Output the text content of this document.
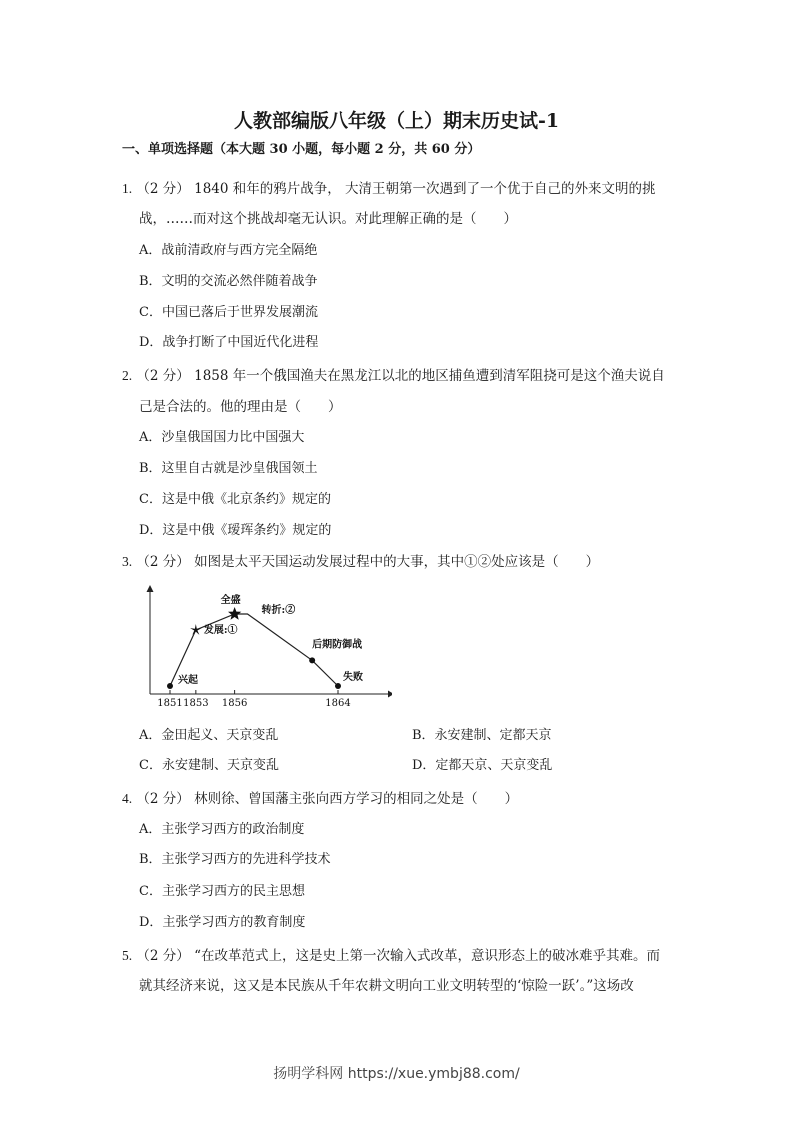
人教部编版八年级（上）期末历史试-1
一、单项选择题（本大题 30 小题，每小题 2 分，共 60 分）
1. （2 分） 1840 和年的鸦片战争， 大清王朝第一次遇到了一个优于自己的外来文明的挑
战，……而对这个挑战却毫无认识。对此理解正确的是（　　）
A．战前清政府与西方完全隔绝
B．文明的交流必然伴随着战争
C．中国已落后于世界发展潮流
D．战争打断了中国近代化进程
2. （2 分） 1858 年一个俄国渔夫在黑龙江以北的地区捕鱼遭到清军阻挠可是这个渔夫说自
己是合法的。他的理由是（　　）
A．沙皇俄国国力比中国强大
B．这里自古就是沙皇俄国领土
C．这是中俄《北京条约》规定的
D．这是中俄《瑷珲条约》规定的
3. （2 分） 如图是太平天国运动发展过程中的大事，其中①②处应该是（　　）
兴起
发展:①
全盛
转折:②
后期防御战
失败
1851 1853 1856	1864
A．金田起义、天京变乱	B．永安建制、定都天京
C．永安建制、天京变乱	D．定都天京、天京变乱
4. （2 分） 林则徐、曾国藩主张向西方学习的相同之处是（　　）
A．主张学习西方的政治制度
B．主张学习西方的先进科学技术
C．主张学习西方的民主思想
D．主张学习西方的教育制度
5. （2 分） “在改革范式上，这是史上第一次输入式改革，意识形态上的破冰难乎其难。而
就其经济来说，这又是本民族从千年农耕文明向工业文明转型的‘惊险一跃’。”这场改
扬明学科网 https://xue.ymbj88.com/
